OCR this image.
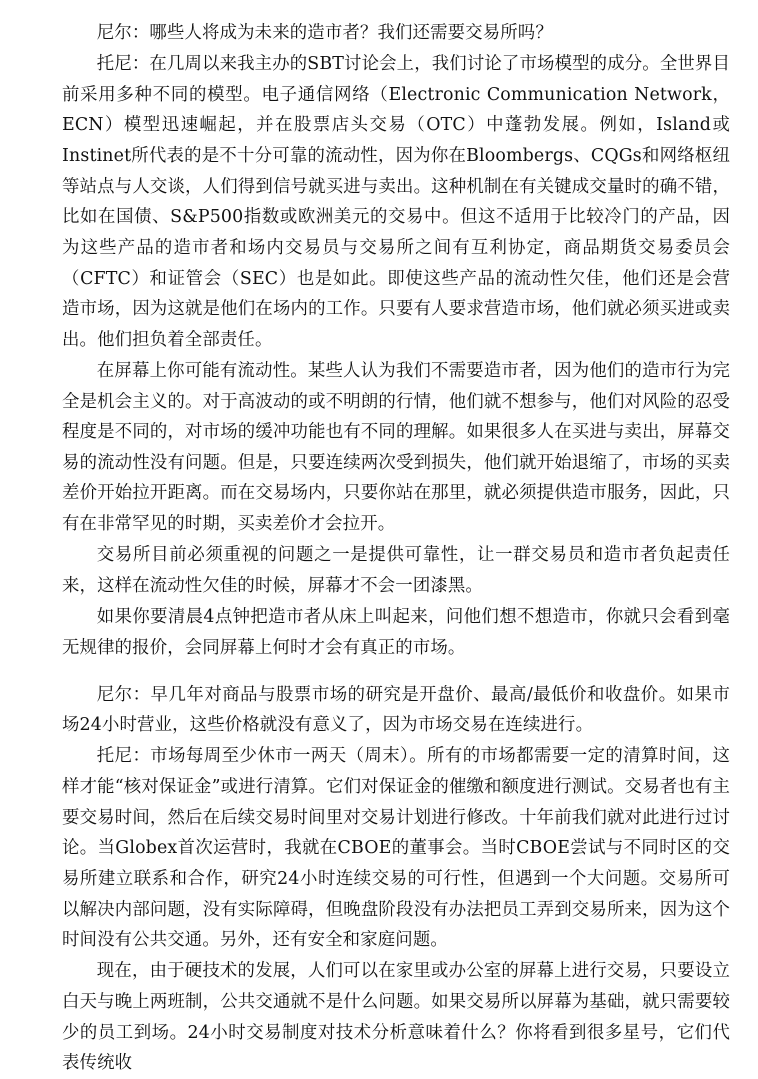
尼尔：哪些人将成为未来的造市者？我们还需要交易所吗？

托尼：在几周以来我主办的SBT讨论会上，我们讨论了市场模型的成分。全世界目前采用多种不同的模型。电子通信网络（Electronic Communication Network，ECN）模型迅速崛起，并在股票店头交易（OTC）中蓬勃发展。例如，Island或Instinet所代表的是不十分可靠的流动性，因为你在Bloombergs、CQGs和网络枢纽等站点与人交谈，人们得到信号就买进与卖出。这种机制在有关键成交量时的确不错，比如在国债、S&P500指数或欧洲美元的交易中。但这不适用于比较冷门的产品，因为这些产品的造市者和场内交易员与交易所之间有互利协定，商品期货交易委员会（CFTC）和证管会（SEC）也是如此。即使这些产品的流动性欠佳，他们还是会营造市场，因为这就是他们在场内的工作。只要有人要求营造市场，他们就必须买进或卖出。他们担负着全部责任。

在屏幕上你可能有流动性。某些人认为我们不需要造市者，因为他们的造市行为完全是机会主义的。对于高波动的或不明朗的行情，他们就不想参与，他们对风险的忍受程度是不同的，对市场的缓冲功能也有不同的理解。如果很多人在买进与卖出，屏幕交易的流动性没有问题。但是，只要连续两次受到损失，他们就开始退缩了，市场的买卖差价开始拉开距离。而在交易场内，只要你站在那里，就必须提供造市服务，因此，只有在非常罕见的时期，买卖差价才会拉开。

交易所目前必须重视的问题之一是提供可靠性，让一群交易员和造市者负起责任来，这样在流动性欠佳的时候，屏幕才不会一团漆黑。

如果你要清晨4点钟把造市者从床上叫起来，问他们想不想造市，你就只会看到毫无规律的报价，会同屏幕上何时才会有真正的市场。

尼尔：早几年对商品与股票市场的研究是开盘价、最高/最低价和收盘价。如果市场24小时营业，这些价格就没有意义了，因为市场交易在连续进行。

托尼：市场每周至少休市一两天（周末）。所有的市场都需要一定的清算时间，这样才能“核对保证金”或进行清算。它们对保证金的催缴和额度进行测试。交易者也有主要交易时间，然后在后续交易时间里对交易计划进行修改。十年前我们就对此进行过讨论。当Globex首次运营时，我就在CBOE的董事会。当时CBOE尝试与不同时区的交易所建立联系和合作，研究24小时连续交易的可行性，但遇到一个大问题。交易所可以解决内部问题，没有实际障碍，但晚盘阶段没有办法把员工弄到交易所来，因为这个时间没有公共交通。另外，还有安全和家庭问题。

现在，由于硬技术的发展，人们可以在家里或办公室的屏幕上进行交易，只要设立白天与晚上两班制，公共交通就不是什么问题。如果交易所以屏幕为基础，就只需要较少的员工到场。24小时交易制度对技术分析意味着什么？你将看到很多星号，它们代表传统收
